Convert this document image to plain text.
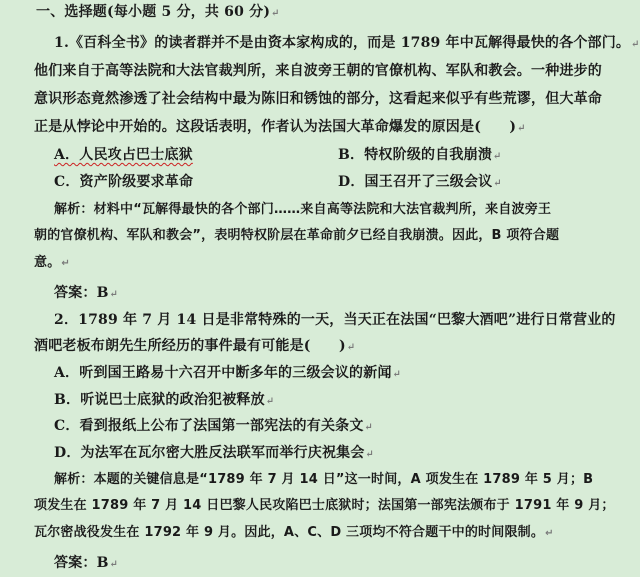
一、选择题(每小题 5 分，共 60 分)↵
1.《百科全书》的读者群并不是由资本家构成的，而是 1789 年中瓦解得最快的各个部门。↵
他们来自于高等法院和大法官裁判所，来自波旁王朝的官僚机构、军队和教会。一种进步的
意识形态竟然渗透了社会结构中最为陈旧和锈蚀的部分，这看起来似乎有些荒谬，但大革命
正是从悖论中开始的。这段话表明，作者认为法国大革命爆发的原因是(　　)↵
A．人民攻占巴士底狱	B．特权阶级的自我崩溃↵
C．资产阶级要求革命	D．国王召开了三级会议↵
解析：材料中“瓦解得最快的各个部门……来自高等法院和大法官裁判所，来自波旁王
朝的官僚机构、军队和教会”，表明特权阶层在革命前夕已经自我崩溃。因此，B 项符合题
意。↵
答案：B↵
2．1789 年 7 月 14 日是非常特殊的一天，当天正在法国“巴黎大酒吧”进行日常营业的
酒吧老板布朗先生所经历的事件最有可能是(　　)↵
A．听到国王路易十六召开中断多年的三级会议的新闻↵
B．听说巴士底狱的政治犯被释放↵
C．看到报纸上公布了法国第一部宪法的有关条文↵
D．为法军在瓦尔密大胜反法联军而举行庆祝集会↵
解析：本题的关键信息是“1789 年 7 月 14 日”这一时间，A 项发生在 1789 年 5 月；B
项发生在 1789 年 7 月 14 日巴黎人民攻陷巴士底狱时；法国第一部宪法颁布于 1791 年 9 月；
瓦尔密战役发生在 1792 年 9 月。因此，A、C、D 三项均不符合题干中的时间限制。↵
答案：B↵
